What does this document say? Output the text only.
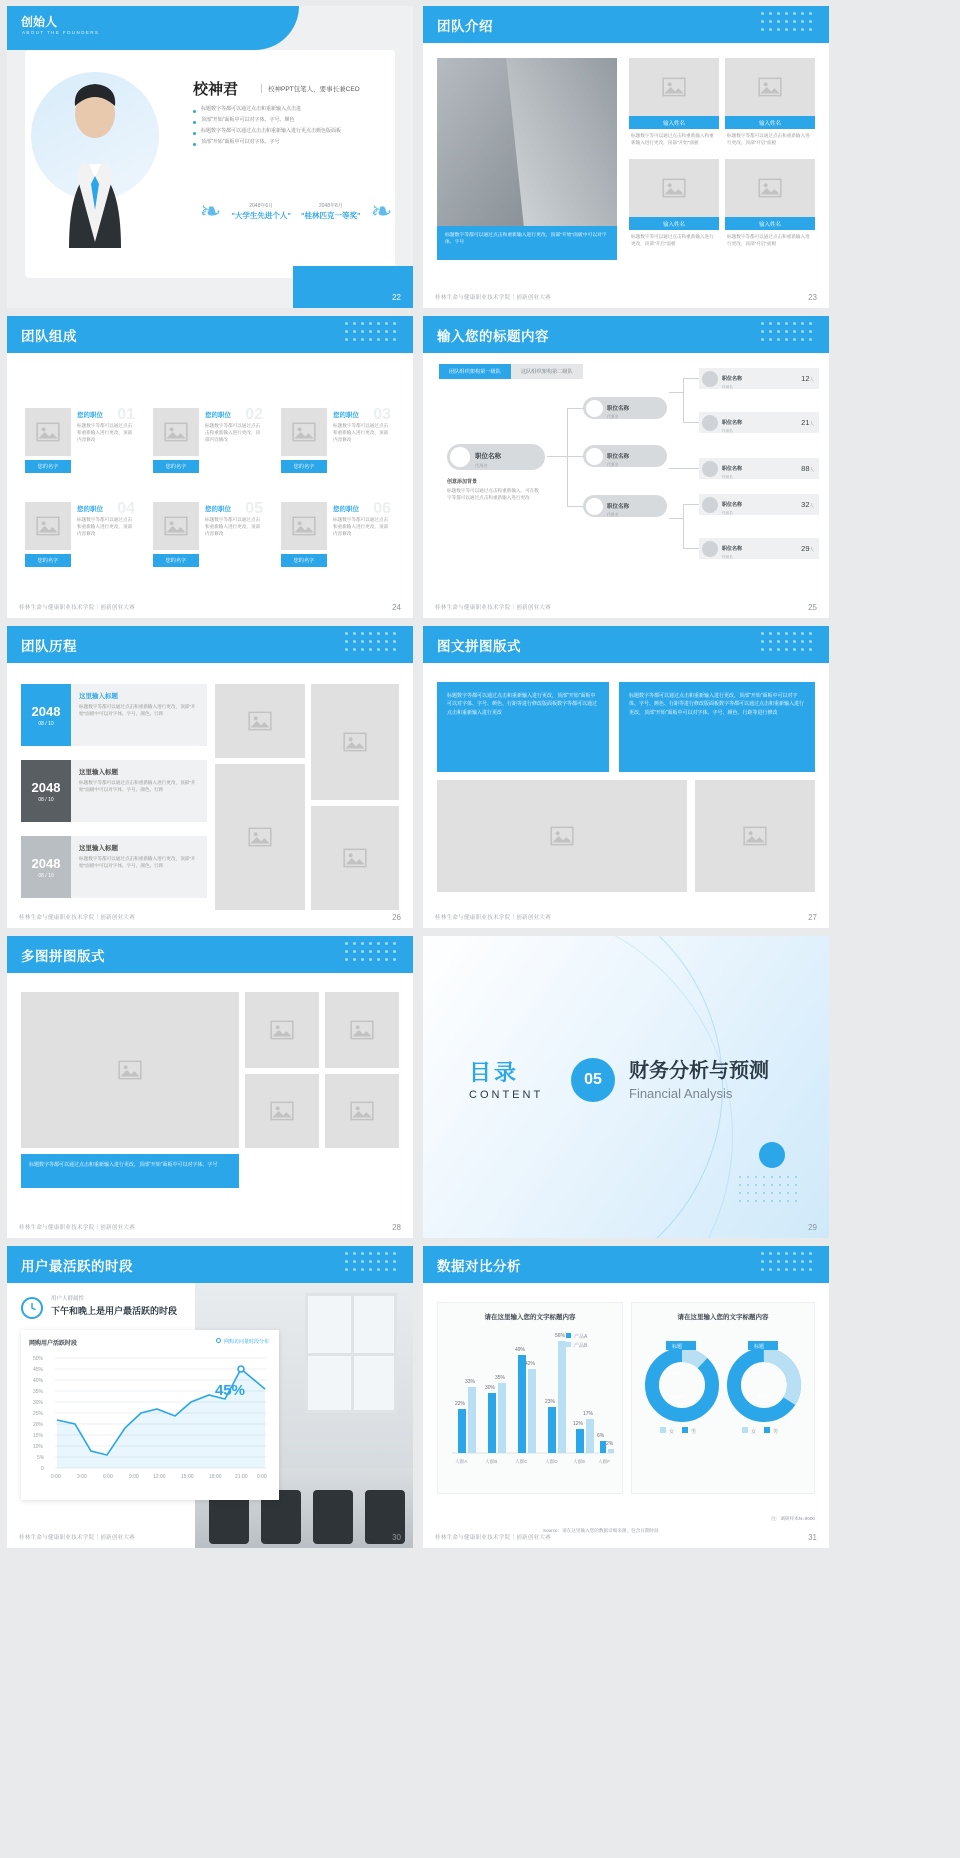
创始人
ABOUT THE FOUNDERS
校神君	校神PPT包笔人，要事长兼CEO
标题数字等都可以通过点击和重新输入点击进
顶部"开始"面板中可以对字体、字号、颜色
标题数字等都可以通过点击击和重新输入进行更点击颜色版面板
顶部"开始"面板中可以对字体、字号
❧	2048年6月
"大学生先进个人"
2048年8月
"桂林匹克一等奖" ❧
22
团队介绍
标题数字等都可以通过点击和重新输入进行更改，顶部"开始"面板中可以对字体、字号
输入姓名
标题数字等可以通过点击和重新输入和重新输入进行更改，顶部"开始"面板
输入姓名
标题数字等都可以通过点击和重新输入进行更改，顶部"开启"面板
输入姓名
标题数字等可以通过点击和重新输入进行更改，顶部"开启"面板
输入姓名
标题数字等都可以通过点击和重新输入进行更改，顶部"开启"面板
桂林生命与健康职业技术学院｜创新创业大赛	23
团队组成
您的名字
01
您的职位
标题数字等都可以通过点击和重新输入进行更改，顶部内容修改
您的名字
02
您的职位
标题数字等都可以通过点击击和重新输入进行更改，顶部内容修改
您的名字
03
您的职位
标题数字等都可以通过点击和重新输入进行更改，顶部内容修改
您的名字
04
您的职位
标题数字等都可以通过点击和重新输入进行更改，顶部内容修改
您的名字
05
您的职位
标题数字等都可以通过点击和重新输入进行更改，顶部内容修改
您的名字
06
您的职位
标题数字等都可以通过点击和重新输入进行更改，顶部内容修改
桂林生命与健康职业技术学院｜创新创业大赛	24
输入您的标题内容
团队组织架构第一级队	这队组织架构第二级队
职位名称
代用名
职位名称
代用名
职位名称
代用名
职位名称
代用名
职位名称
代用名
12人
职位名称
代用名
21人
职位名称
代用名
88人
职位名称
代用名
32人
职位名称
代用名
29人
创意添加背景
标题数字等可以通过点击和重新输入、可在数字等都可以通过点击和重新输入进行更改
桂林生命与健康职业技术学院｜创新创业大赛	25
团队历程
2048
08 / 10
这里输入标题
标题数字等都可以通过点击和重新输入进行更改，顶部"开始"面板中可以对字体、字号、颜色、行距
2048
08 / 10
这里输入标题
标题数字等都可以通过点击和重新输入进行更改，顶部"开始"面板中可以对字体、字号、颜色、行距
2048
08 / 10
这里输入标题
标题数字等都可以通过点击和重新输入进行更改，顶部"开始"面板中可以对字体、字号、颜色、行距
桂林生命与健康职业技术学院｜创新创业大赛	26
图文拼图版式
标题数字等都可以通过点击和重新输入进行更改，顶部"开始"面板中可以对字体、字号、颜色、行距等进行修改版面板数字等都可以通过点击和重新输入进行更改
标题数字等都可以通过点击和重新输入进行更改，顶部"开始"面板中可以对字体、字号、颜色、行距等进行修改版面板数字等都可以通过点击和重新输入进行更改，顶部"开始"面板中可以对字体、字号、颜色、行距等进行修改
桂林生命与健康职业技术学院｜创新创业大赛	27
多图拼图版式
标题数字等都可以通过点击和重新输入进行更改，顶部"开始"面板中可以对字体、字号
桂林生命与健康职业技术学院｜创新创业大赛	28
目录
CONTENT
05	财务分析与预测
Financial Analysis
29
用户最活跃的时段
用户人群属性
下午和晚上是用户最活跃的时段
网购用户活跃时段	网购访问量时段分布
50%
45%
40%
35%
30%
25%
20%
15%
10%
5%
0
0:00	3:00	6:00	9:00	12:00	15:00	18:00	21:00 0:00
45%
桂林生命与健康职业技术学院｜创新创业大赛	30
数据对比分析
请在这里输入您的文字标题内容
产品A
产品B
22%
33%
30%
35%
49%
42%
23%
56%
12%
17%
6%
2%
人群A	人群B	人群C	人群D	人群E	人群F
请在这里输入您的文字标题内容
12%
88%
标题
女	男
34%
66%
标题
女	男
注：调研样本N=9000
Source：请在这里输入您的数据详细来源，包含日期时间
桂林生命与健康职业技术学院｜创新创业大赛	31
